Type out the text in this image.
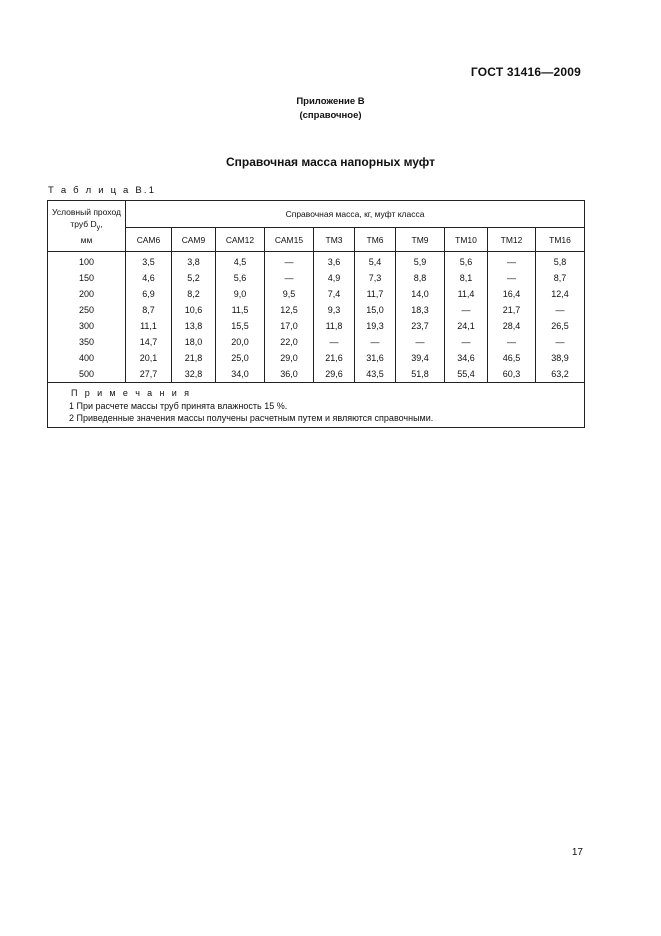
ГОСТ 31416—2009
Приложение В
(справочное)
Справочная масса напорных муфт
Т а б л и ц а В.1
Условный проход труб $D_у$,
мм	Справочная масса, кг, муфт класса									
	САМ6	САМ9	САМ12	САМ15	ТМ3	ТМ6	ТМ9	ТМ10	ТМ12	ТМ16
100	3,5	3,8	4,5	—	3,6	5,4	5,9	5,6	—	5,8
150	4,6	5,2	5,6	—	4,9	7,3	8,8	8,1	—	8,7
200	6,9	8,2	9,0	9,5	7,4	11,7	14,0	11,4	16,4	12,4
250	8,7	10,6	11,5	12,5	9,3	15,0	18,3	—	21,7	—
300	11,1	13,8	15,5	17,0	11,8	19,3	23,7	24,1	28,4	26,5
350	14,7	18,0	20,0	22,0	—	—	—	—	—	—
400	20,1	21,8	25,0	29,0	21,6	31,6	39,4	34,6	46,5	38,9
500	27,7	32,8	34,0	36,0	29,6	43,5	51,8	55,4	60,3	63,2

П р и м е ч а н и я
1 При расчете массы труб принята влажность 15 %.
2 Приведенные значения массы получены расчетным путем и являются справочными.										
17
